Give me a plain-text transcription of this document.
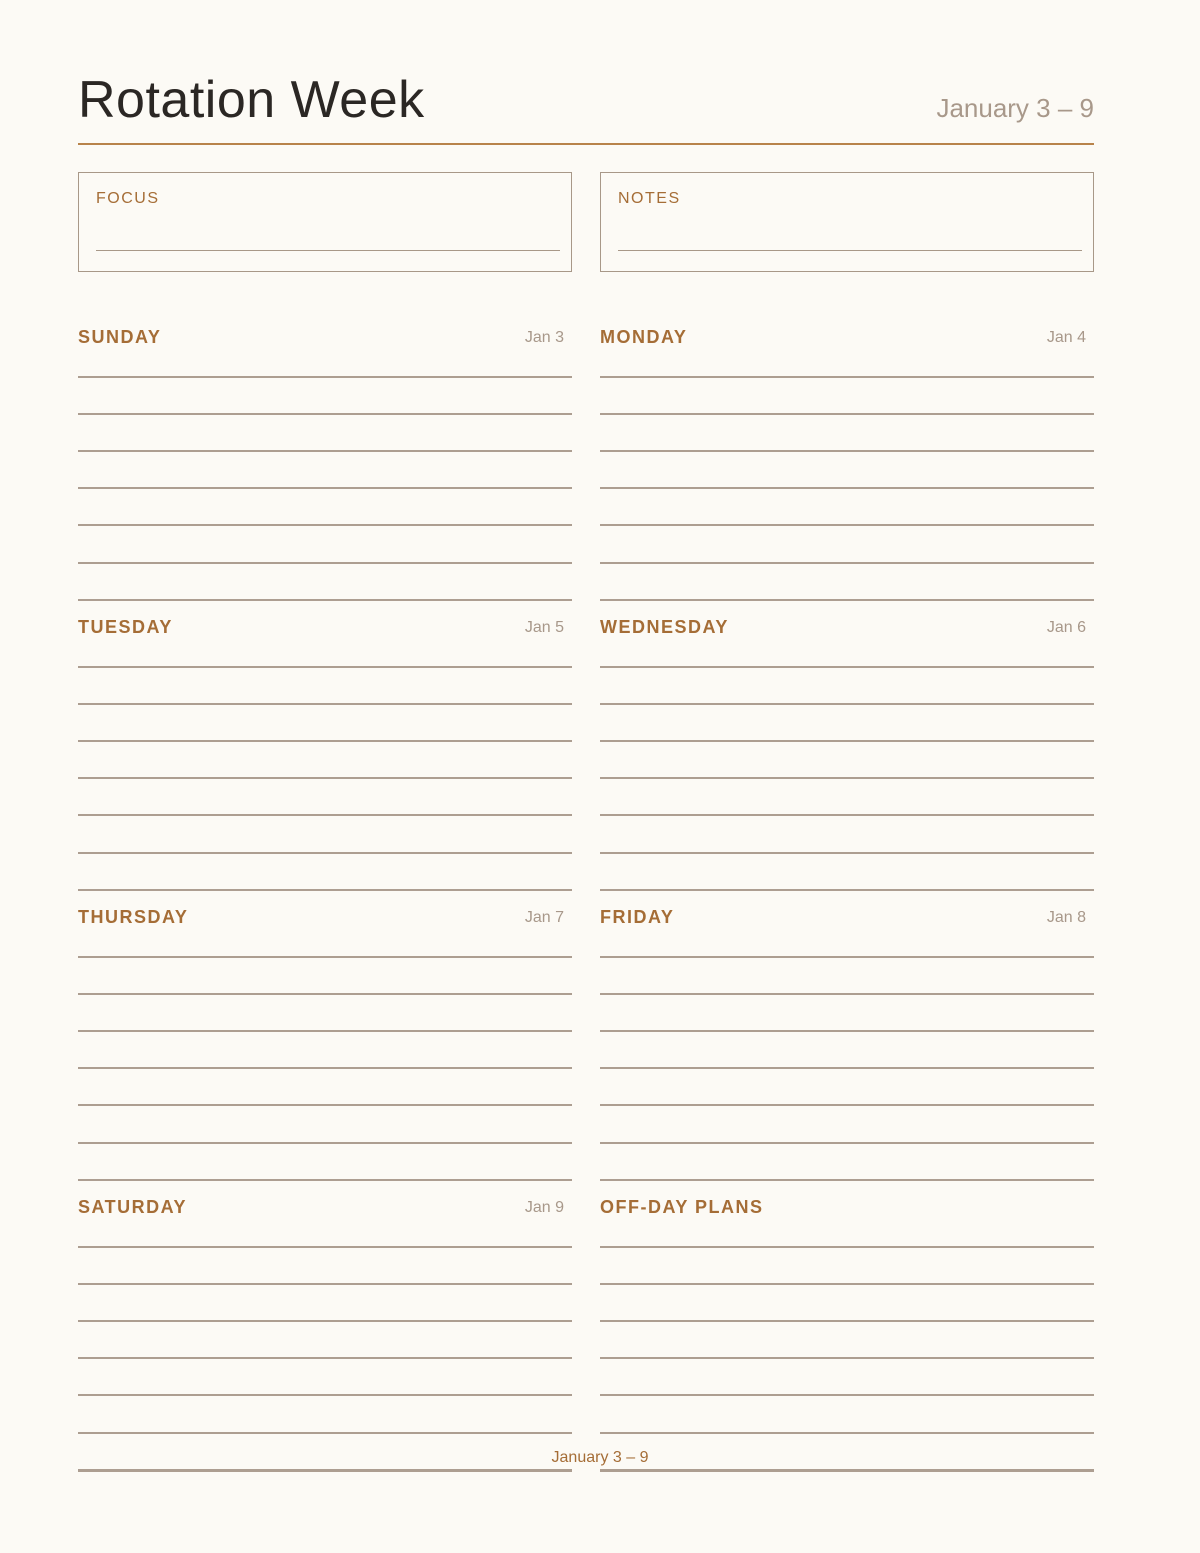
Rotation Week	January 3 – 9
FOCUS	NOTES
SUNDAY	Jan 3 MONDAY	Jan 4
TUESDAY	Jan 5 WEDNESDAY	Jan 6
THURSDAY	Jan 7 FRIDAY	Jan 8
SATURDAY	Jan 9 OFF-DAY PLANS
January 3 – 9
